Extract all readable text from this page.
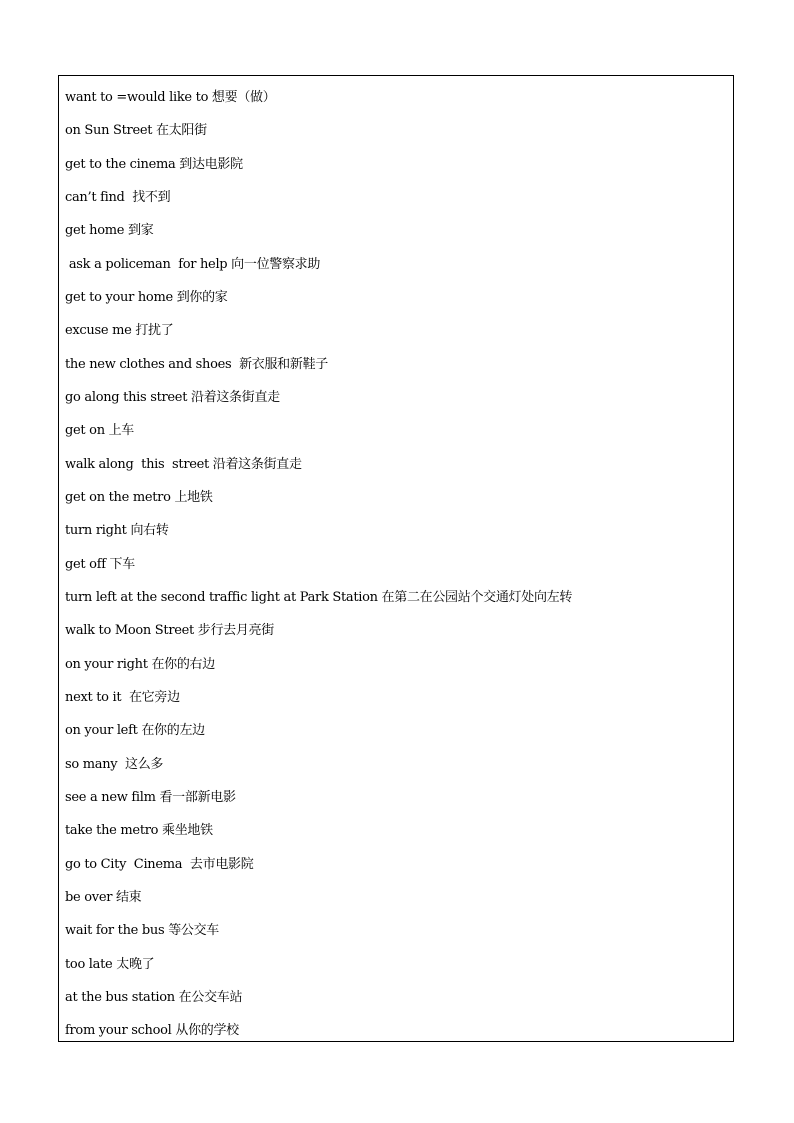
want to =would like to 想要（做）
on Sun Street 在太阳街
get to the cinema 到达电影院
can’t find  找不到
get home 到家
ask a policeman  for help 向一位警察求助
get to your home 到你的家
excuse me 打扰了
the new clothes and shoes  新衣服和新鞋子
go along this street 沿着这条街直走
get on 上车
walk along  this  street 沿着这条街直走
get on the metro 上地铁
turn right 向右转
get off 下车
turn left at the second traffic light at Park Station 在第二在公园站个交通灯处向左转
walk to Moon Street 步行去月亮街
on your right 在你的右边
next to it  在它旁边
on your left 在你的左边
so many  这么多
see a new film 看一部新电影
take the metro 乘坐地铁
go to City  Cinema  去市电影院
be over 结束
wait for the bus 等公交车
too late 太晚了
at the bus station 在公交车站
from your school 从你的学校
